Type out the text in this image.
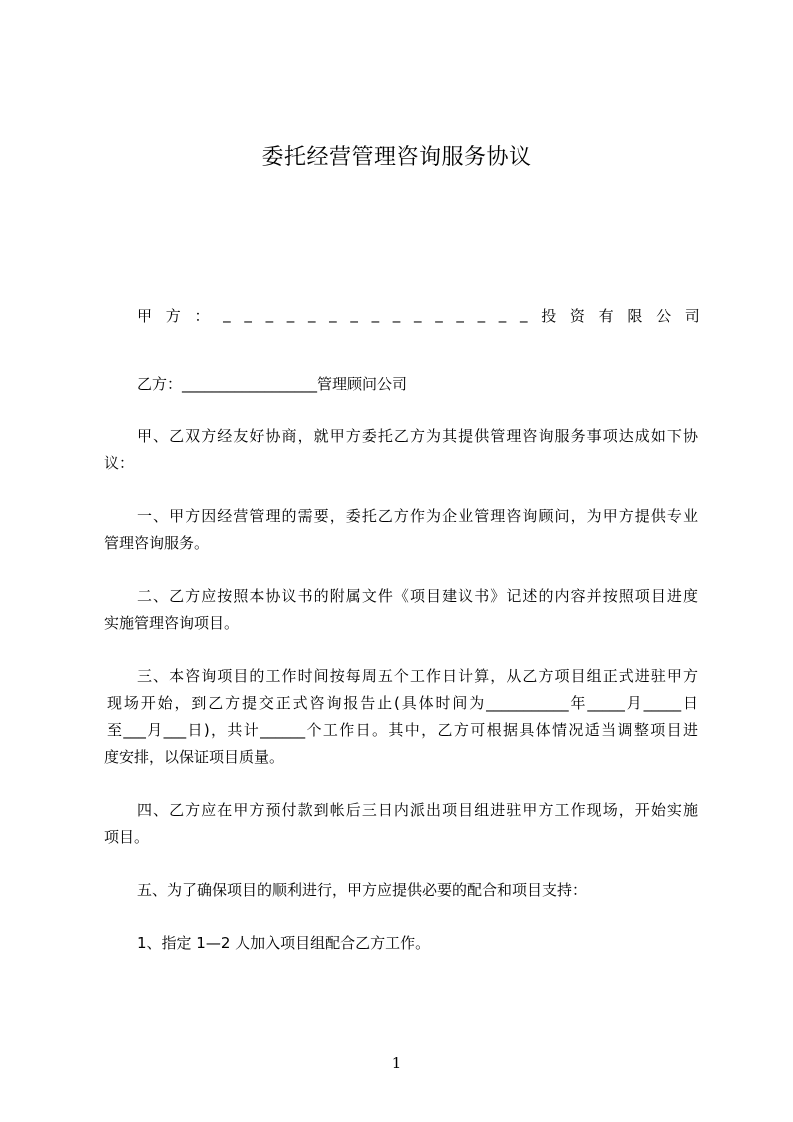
委托经营管理咨询服务协议

甲 方 ： _ _ _ _ _ _ _ _ _ _ _ _ _ _ _ 投 资 有 限 公 司

乙方：__________________管理顾问公司

甲、乙双方经友好协商，就甲方委托乙方为其提供管理咨询服务事项达成如下协

议：

一、甲方因经营管理的需要，委托乙方作为企业管理咨询顾问，为甲方提供专业

管理咨询服务。

二、乙方应按照本协议书的附属文件《项目建议书》记述的内容并按照项目进度

实施管理咨询项目。

三、本咨询项目的工作时间按每周五个工作日计算，从乙方项目组正式进驻甲方

现场开始，到乙方提交正式咨询报告止(具体时间为___________年_____月_____日

至___月___日)，共计______个工作日。其中，乙方可根据具体情况适当调整项目进

度安排，以保证项目质量。

四、乙方应在甲方预付款到帐后三日内派出项目组进驻甲方工作现场，开始实施

项目。

五、为了确保项目的顺利进行，甲方应提供必要的配合和项目支持：

1、指定 1—2 人加入项目组配合乙方工作。

1
